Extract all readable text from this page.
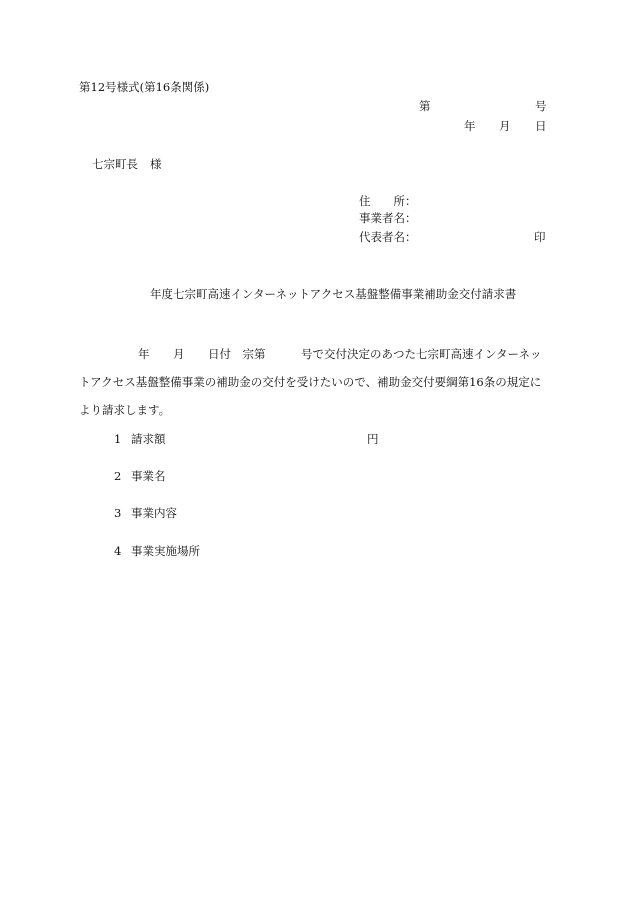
第12号様式(第16条関係)
第	号
年 月 日
七宗町長 様
住　　所：
事業者名：
代表者名：	印
年度七宗町高速インターネットアクセス基盤整備事業補助金交付請求書
年 月 日付　宗第	号で交付決定のあつた七宗町高速インターネッ
トアクセス基盤整備事業の補助金の交付を受けたいので、補助金交付要綱第16条の規定に
より請求します。
1 請求額	円
2 事業名
3 事業内容
4 事業実施場所
